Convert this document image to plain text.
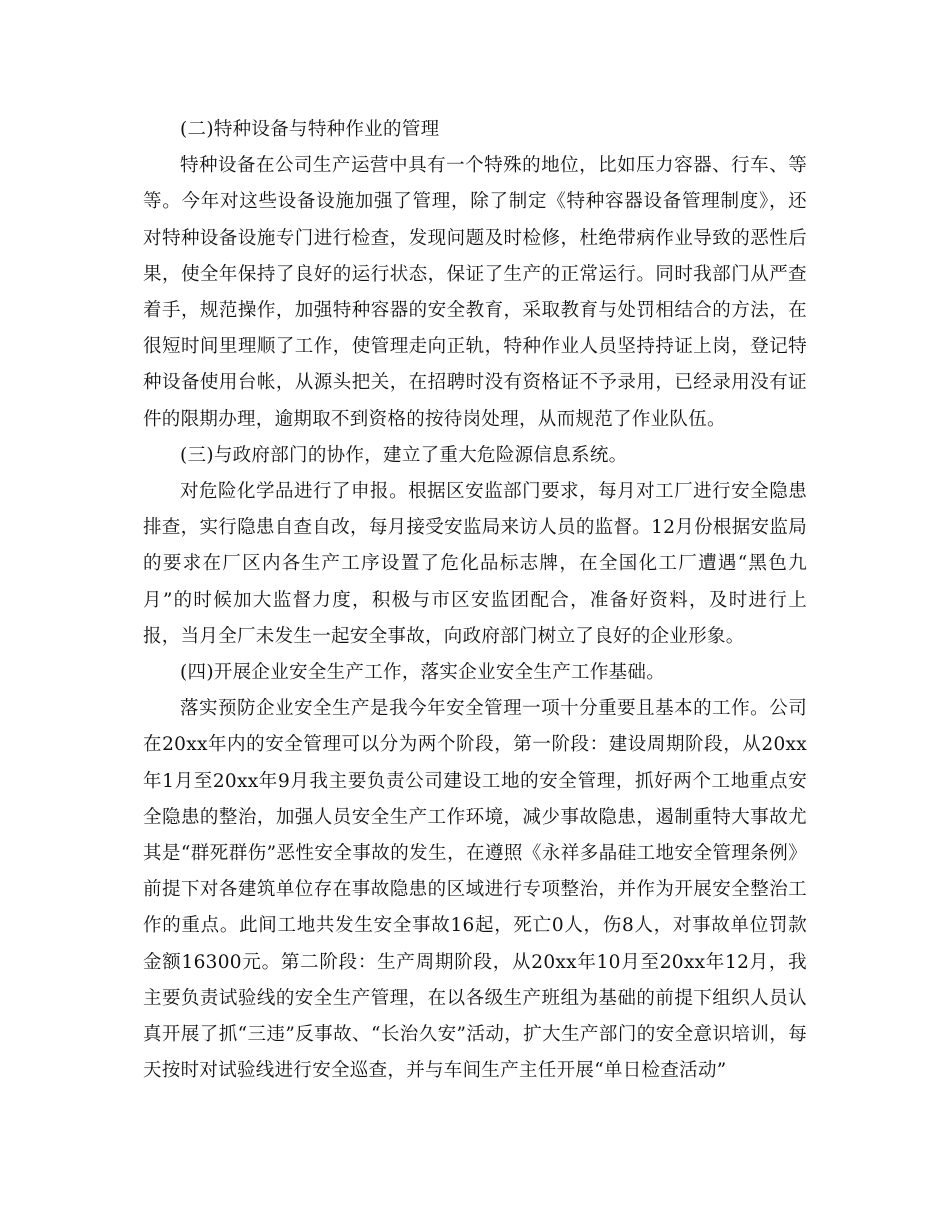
(二)特种设备与特种作业的管理

特种设备在公司生产运营中具有一个特殊的地位，比如压力容器、行车、等等。今年对这些设备设施加强了管理，除了制定《特种容器设备管理制度》，还对特种设备设施专门进行检查，发现问题及时检修，杜绝带病作业导致的恶性后果，使全年保持了良好的运行状态，保证了生产的正常运行。同时我部门从严查着手，规范操作，加强特种容器的安全教育，采取教育与处罚相结合的方法，在很短时间里理顺了工作，使管理走向正轨，特种作业人员坚持持证上岗，登记特种设备使用台帐，从源头把关，在招聘时没有资格证不予录用，已经录用没有证件的限期办理，逾期取不到资格的按待岗处理，从而规范了作业队伍。

(三)与政府部门的协作，建立了重大危险源信息系统。

对危险化学品进行了申报。根据区安监部门要求，每月对工厂进行安全隐患排查，实行隐患自查自改，每月接受安监局来访人员的监督。12月份根据安监局的要求在厂区内各生产工序设置了危化品标志牌，在全国化工厂遭遇“黑色九月”的时候加大监督力度，积极与市区安监团配合，准备好资料，及时进行上报，当月全厂未发生一起安全事故，向政府部门树立了良好的企业形象。

(四)开展企业安全生产工作，落实企业安全生产工作基础。

落实预防企业安全生产是我今年安全管理一项十分重要且基本的工作。公司在20xx年内的安全管理可以分为两个阶段，第一阶段：建设周期阶段，从20xx年1月至20xx年9月我主要负责公司建设工地的安全管理，抓好两个工地重点安全隐患的整治，加强人员安全生产工作环境，减少事故隐患，遏制重特大事故尤其是“群死群伤”恶性安全事故的发生，在遵照《永祥多晶硅工地安全管理条例》前提下对各建筑单位存在事故隐患的区域进行专项整治，并作为开展安全整治工作的重点。此间工地共发生安全事故16起，死亡0人，伤8人，对事故单位罚款金额16300元。第二阶段：生产周期阶段，从20xx年10月至20xx年12月，我主要负责试验线的安全生产管理，在以各级生产班组为基础的前提下组织人员认真开展了抓“三违”反事故、“长治久安”活动，扩大生产部门的安全意识培训，每天按时对试验线进行安全巡查，并与车间生产主任开展“单日检查活动”
